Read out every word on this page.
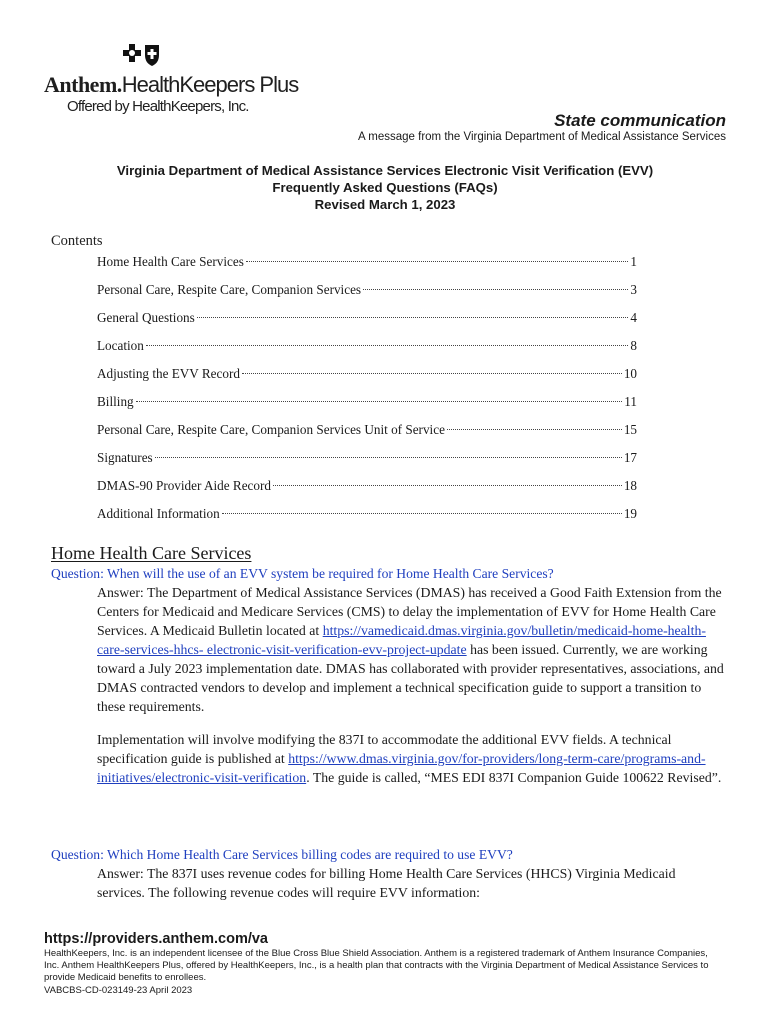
Anthem.HealthKeepers Plus
Offered by HealthKeepers, Inc.
State communication
A message from the Virginia Department of Medical Assistance Services
Virginia Department of Medical Assistance Services Electronic Visit Verification (EVV)
Frequently Asked Questions (FAQs)
Revised March 1, 2023
Contents
Home Health Care Services	1
Personal Care, Respite Care, Companion Services	3
General Questions	4
Location	8
Adjusting the EVV Record	10
Billing	11
Personal Care, Respite Care, Companion Services Unit of Service	15
Signatures	17
DMAS-90 Provider Aide Record	18
Additional Information	19
Home Health Care Services
Question: When will the use of an EVV system be required for Home Health Care Services?

Answer: The Department of Medical Assistance Services (DMAS) has received a Good Faith Extension from the Centers for Medicaid and Medicare Services (CMS) to delay the implementation of EVV for Home Health Care Services. A Medicaid Bulletin located at https://vamedicaid.dmas.virginia.gov/bulletin/medicaid-home-health-care-services-hhcs- electronic-visit-verification-evv-project-update has been issued. Currently, we are working toward a July 2023 implementation date. DMAS has collaborated with provider representatives, associations, and DMAS contracted vendors to develop and implement a technical specification guide to support a transition to these requirements.

Implementation will involve modifying the 837I to accommodate the additional EVV fields. A technical specification guide is published at https://www.dmas.virginia.gov/for-providers/long-term-care/programs-and-initiatives/electronic-visit-verification. The guide is called, “MES EDI 837I Companion Guide 100622 Revised”.

Question: Which Home Health Care Services billing codes are required to use EVV?
Answer: The 837I uses revenue codes for billing Home Health Care Services (HHCS) Virginia Medicaid services. The following revenue codes will require EVV information:
https://providers.anthem.com/va
HealthKeepers, Inc. is an independent licensee of the Blue Cross Blue Shield Association. Anthem is a registered trademark of Anthem Insurance Companies, Inc. Anthem HealthKeepers Plus, offered by HealthKeepers, Inc., is a health plan that contracts with the Virginia Department of Medical Assistance Services to provide Medicaid benefits to enrollees.
VABCBS-CD-023149-23 April 2023
